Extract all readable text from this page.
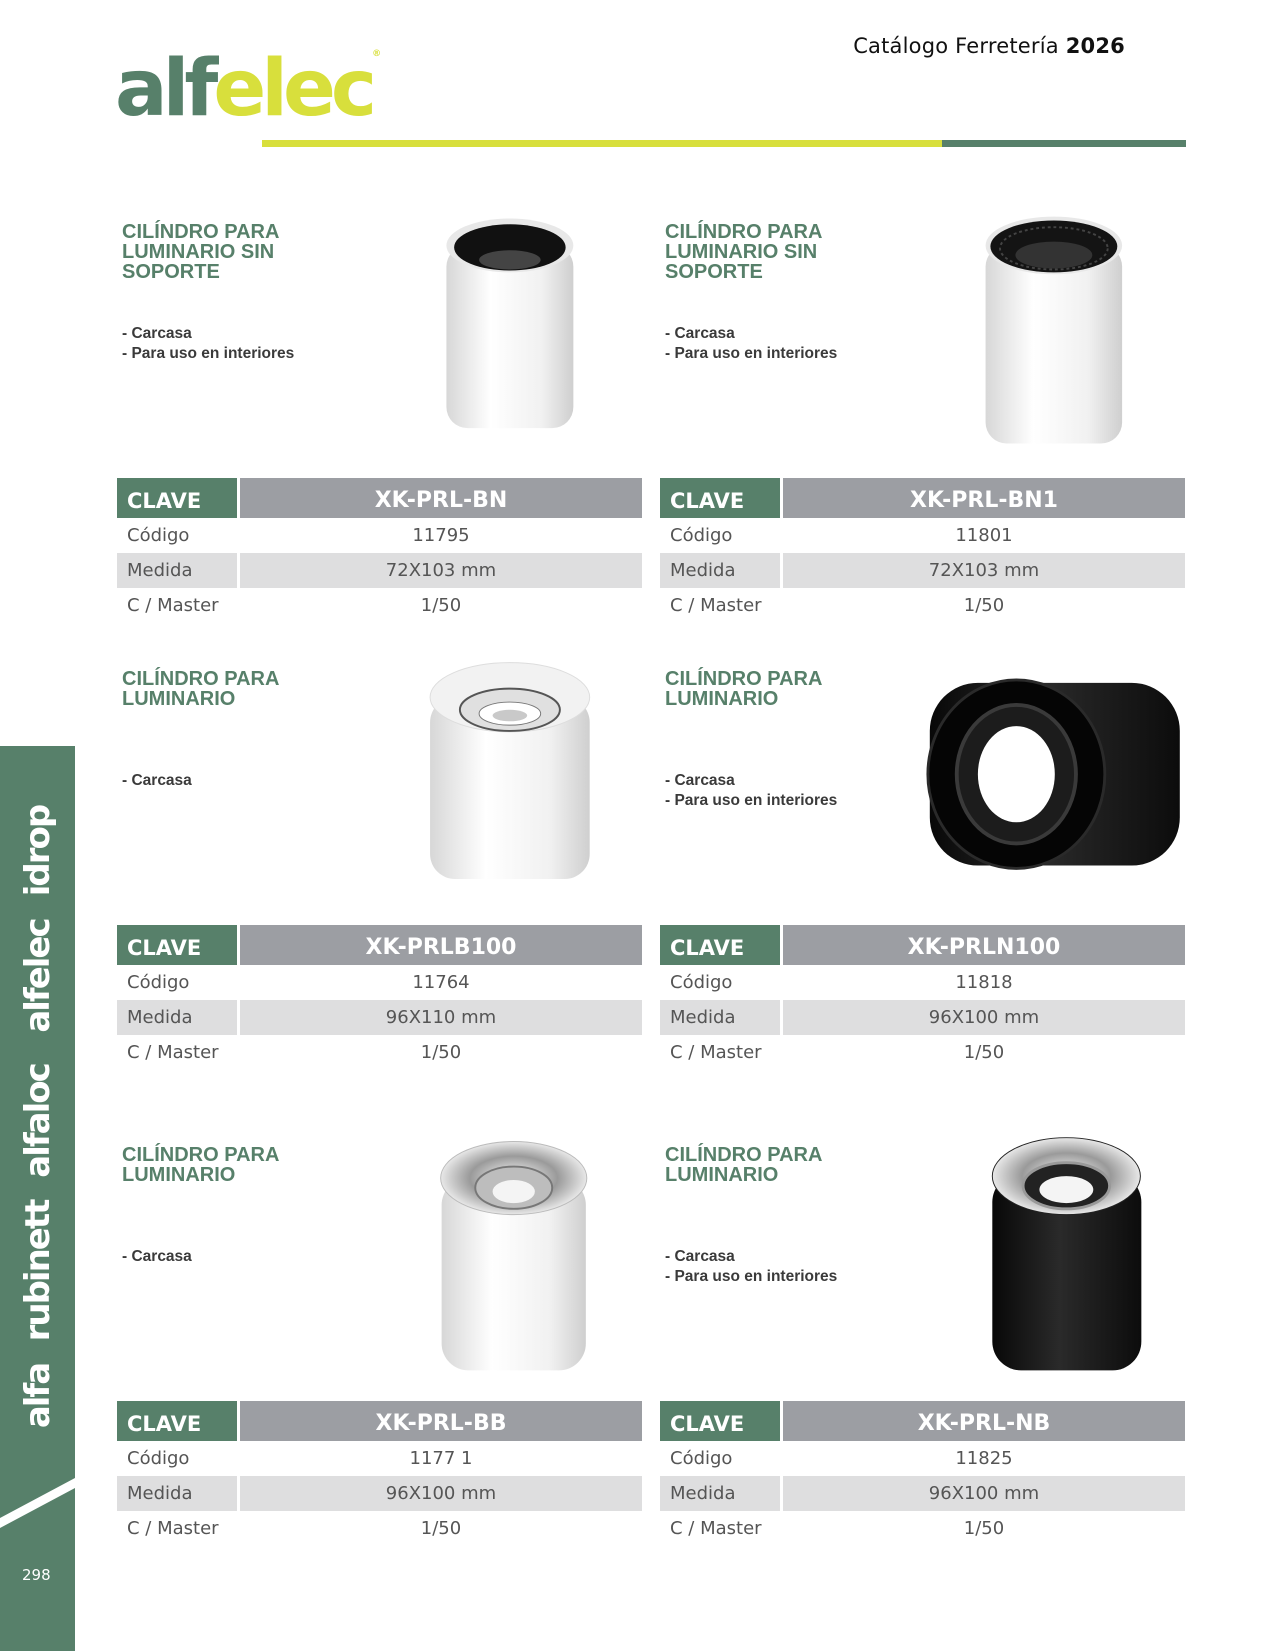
Catálogo Ferretería 2026
alfelec®
idrop
alfelec
alfaloc
rubinett
alfa
298
CILÍNDRO PARA LUMINARIO SIN SOPORTE
- Carcasa
- Para uso en interiores
CLAVE	XK-PRL-BN
Código	11795
Medida	72X103 mm
C / Master	1/50
CILÍNDRO PARA LUMINARIO SIN SOPORTE
- Carcasa
- Para uso en interiores
CLAVE	XK-PRL-BN1
Código	11801
Medida	72X103 mm
C / Master	1/50
CILÍNDRO PARA LUMINARIO
- Carcasa
CLAVE	XK-PRLB100
Código	11764
Medida	96X110 mm
C / Master	1/50
CILÍNDRO PARA LUMINARIO
- Carcasa
- Para uso en interiores
CLAVE	XK-PRLN100
Código	11818
Medida	96X100 mm
C / Master	1/50
CILÍNDRO PARA LUMINARIO
- Carcasa
CLAVE	XK-PRL-BB
Código	1177 1
Medida	96X100 mm
C / Master	1/50
CILÍNDRO PARA LUMINARIO
- Carcasa
- Para uso en interiores
CLAVE	XK-PRL-NB
Código	11825
Medida	96X100 mm
C / Master	1/50
